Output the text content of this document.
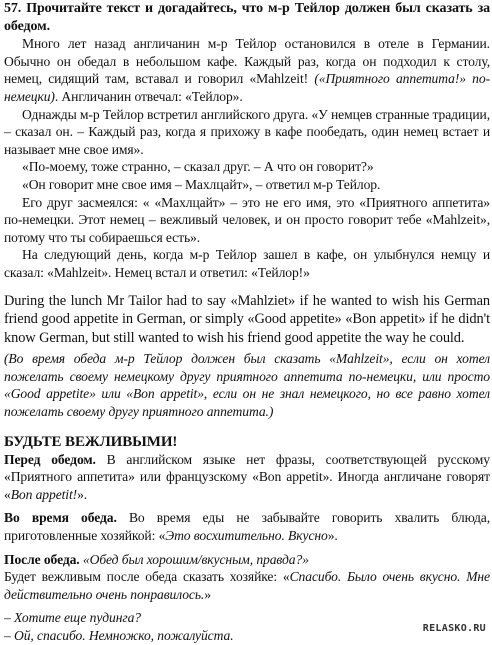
57. Прочитайте текст и догадайтесь, что м-р Тейлор должен был сказать за обедом.

Много лет назад англичанин м-р Тейлор остановился в отеле в Германии. Обычно он обедал в небольшом кафе. Каждый раз, когда он подходил к столу, немец, сидящий там, вставал и говорил «Mahlzeit! («Приятного аппетита!» по-немецки). Англичанин отвечал: «Тейлор».

Однажды м-р Тейлор встретил английского друга. «У немцев странные традиции, – сказал он. – Каждый раз, когда я прихожу в кафе пообедать, один немец встает и называет мне свое имя».

«По-моему, тоже странно, – сказал друг. – А что он говорит?»

«Он говорит мне свое имя – Махлцайт», – ответил м-р Тейлор.

Его друг засмеялся: « «Махлцайт» – это не его имя, это «Приятного аппетита» по-немецки. Этот немец – вежливый человек, и он просто говорит тебе «Mahlzeit», потому что ты собираешься есть».

На следующий день, когда м-р Тейлор зашел в кафе, он улыбнулся немцу и сказал: «Mahlzeit». Немец встал и ответил: «Тейлор!»

During the lunch Mr Tailor had to say «Mahlziet» if he wanted to wish his German friend good appetite in German, or simply «Good appetite» «Bon appetit» if he didn't know German, but still wanted to wish his friend good appetite the way he could.

(Во время обеда м-р Тейлор должен был сказать «Mahlzeit», если он хотел пожелать своему немецкому другу приятного аппетита по-немецки, или просто «Good appetite» или «Bon appetit», если он не знал немецкого, но все равно хотел пожелать своему другу приятного аппетита.)

БУДЬТЕ ВЕЖЛИВЫМИ!

Перед обедом. В английском языке нет фразы, соответствующей русскому «Приятного аппетита» или французскому «Bon appetit». Иногда англичане говорят «Bon appetit!».

Во время обеда. Во время еды не забывайте говорить хвалить блюда, приготовленные хозяйкой: «Это восхитительно. Вкусно».

После обеда. «Обед был хорошим/вкусным, правда?»

Будет вежливым после обеда сказать хозяйке: «Спасибо. Было очень вкусно. Мне действительно очень понравилось.»

– Хотите еще пудинга?

– Ой, спасибо. Немножко, пожалуйста.	RELASKO.RU
